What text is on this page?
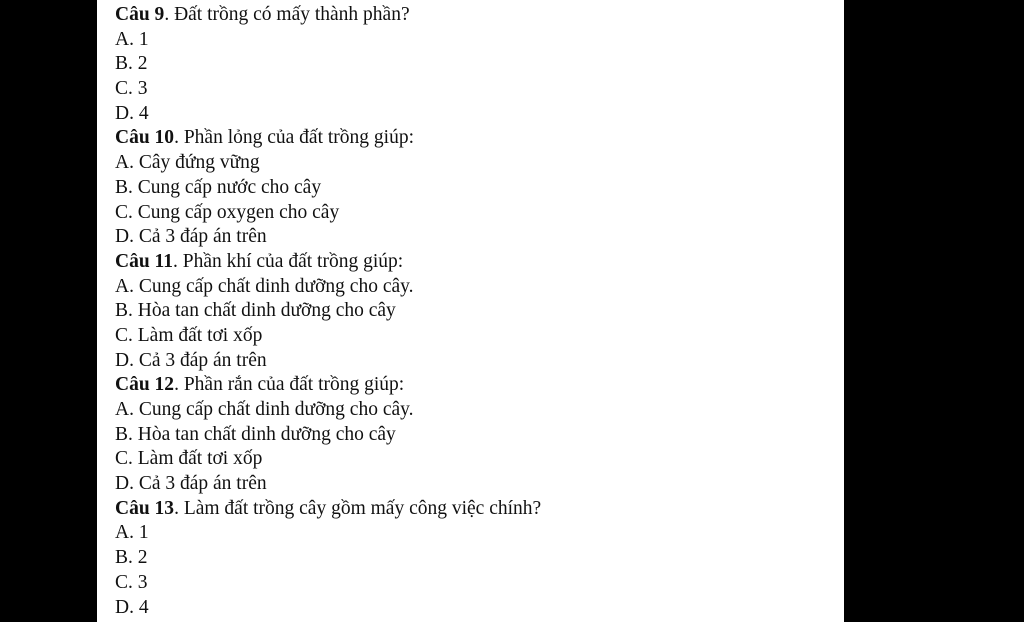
Câu 9. Đất trồng có mấy thành phần?
A. 1
B. 2
C. 3
D. 4
Câu 10. Phần lỏng của đất trồng giúp:
A. Cây đứng vững
B. Cung cấp nước cho cây
C. Cung cấp oxygen cho cây
D. Cả 3 đáp án trên
Câu 11. Phần khí của đất trồng giúp:
A. Cung cấp chất dinh dưỡng cho cây.
B. Hòa tan chất dinh dưỡng cho cây
C. Làm đất tơi xốp
D. Cả 3 đáp án trên
Câu 12. Phần rắn của đất trồng giúp:
A. Cung cấp chất dinh dưỡng cho cây.
B. Hòa tan chất dinh dưỡng cho cây
C. Làm đất tơi xốp
D. Cả 3 đáp án trên
Câu 13. Làm đất trồng cây gồm mấy công việc chính?
A. 1
B. 2
C. 3
D. 4
